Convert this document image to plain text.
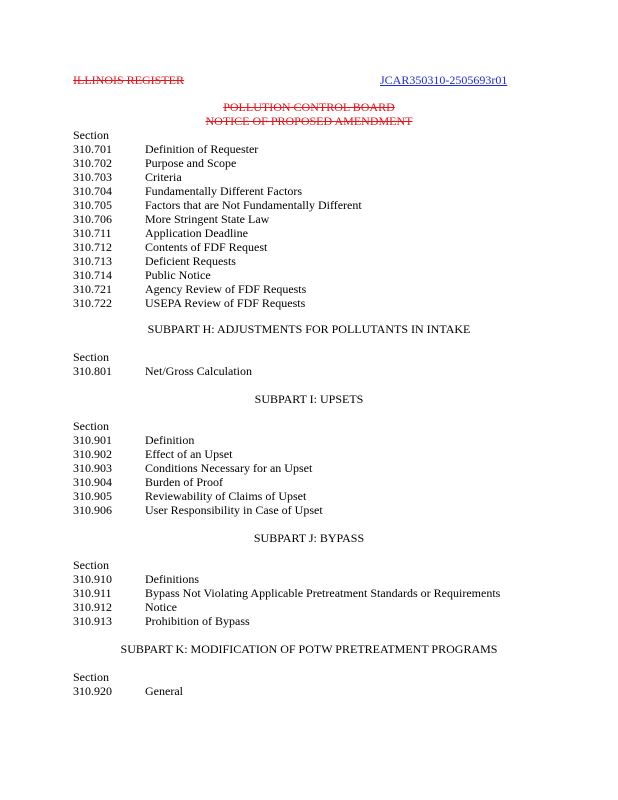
ILLINOIS REGISTER	JCAR350310-2505693r01
POLLUTION CONTROL BOARD
NOTICE OF PROPOSED AMENDMENT
Section
310.701	Definition of Requester
310.702	Purpose and Scope
310.703	Criteria
310.704	Fundamentally Different Factors
310.705	Factors that are Not Fundamentally Different
310.706	More Stringent State Law
310.711	Application Deadline
310.712	Contents of FDF Request
310.713	Deficient Requests
310.714	Public Notice
310.721	Agency Review of FDF Requests
310.722	USEPA Review of FDF Requests
SUBPART H: ADJUSTMENTS FOR POLLUTANTS IN INTAKE
Section
310.801	Net/Gross Calculation
SUBPART I: UPSETS
Section
310.901	Definition
310.902	Effect of an Upset
310.903	Conditions Necessary for an Upset
310.904	Burden of Proof
310.905	Reviewability of Claims of Upset
310.906	User Responsibility in Case of Upset
SUBPART J: BYPASS
Section
310.910	Definitions
310.911	Bypass Not Violating Applicable Pretreatment Standards or Requirements
310.912	Notice
310.913	Prohibition of Bypass
SUBPART K: MODIFICATION OF POTW PRETREATMENT PROGRAMS
Section
310.920	General
